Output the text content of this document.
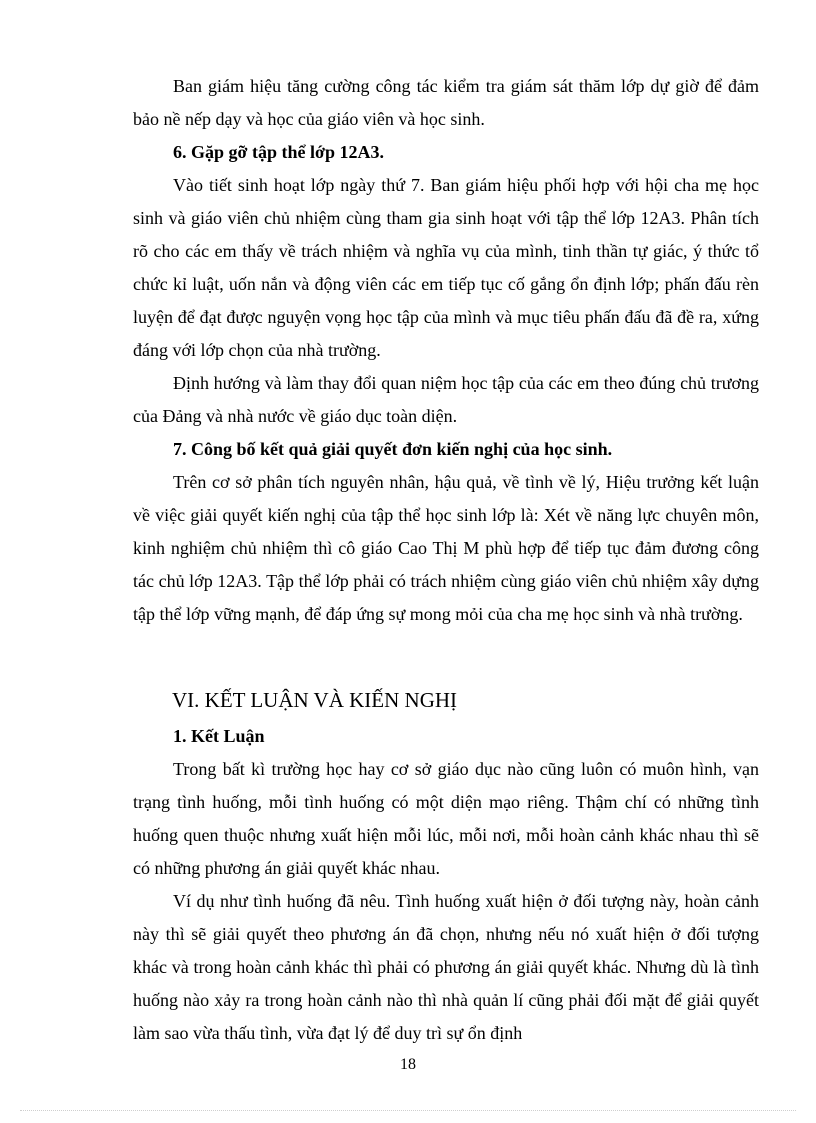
Ban giám hiệu tăng cường công tác kiểm tra giám sát thăm lớp dự giờ để đảm bảo nề nếp dạy và học của giáo viên và học sinh.

6. Gặp gỡ tập thể lớp 12A3.

Vào tiết sinh hoạt lớp ngày thứ 7. Ban giám hiệu phối hợp với hội cha mẹ học sinh và giáo viên chủ nhiệm cùng tham gia sinh hoạt với tập thể lớp 12A3. Phân tích rõ cho các em thấy về trách nhiệm và nghĩa vụ của mình, tinh thần tự giác, ý thức tổ chức kỉ luật, uốn nắn và động viên các em tiếp tục cố gắng ổn định lớp; phấn đấu rèn luyện để đạt được nguyện vọng học tập của mình và mục tiêu phấn đấu đã đề ra, xứng đáng với lớp chọn của nhà trường.

Định hướng và làm thay đổi quan niệm học tập của các em theo đúng chủ trương của Đảng và nhà nước về giáo dục toàn diện.

7. Công bố kết quả giải quyết đơn kiến nghị của học sinh.

Trên cơ sở phân tích nguyên nhân, hậu quả, về tình về lý, Hiệu trưởng kết luận về việc giải quyết kiến nghị của tập thể học sinh lớp là: Xét về năng lực chuyên môn, kinh nghiệm chủ nhiệm thì cô giáo Cao Thị M phù hợp để tiếp tục đảm đương công tác chủ lớp 12A3. Tập thể lớp phải có trách nhiệm cùng giáo viên chủ nhiệm xây dựng tập thể lớp vững mạnh, để đáp ứng sự mong mỏi của cha mẹ học sinh và nhà trường.

VI. KẾT LUẬN VÀ KIẾN NGHỊ

1. Kết Luận

Trong bất kì trường học hay cơ sở giáo dục nào cũng luôn có muôn hình, vạn trạng tình huống, mỗi tình huống có một diện mạo riêng. Thậm chí có những tình huống quen thuộc nhưng xuất hiện mỗi lúc, mỗi nơi, mỗi hoàn cảnh khác nhau thì sẽ có những phương án giải quyết khác nhau.

Ví dụ như tình huống đã nêu. Tình huống xuất hiện ở đối tượng này, hoàn cảnh này thì sẽ giải quyết theo phương án đã chọn, nhưng nếu nó xuất hiện ở đối tượng khác và trong hoàn cảnh khác thì phải có phương án giải quyết khác. Nhưng dù là tình huống nào xảy ra trong hoàn cảnh nào thì nhà quản lí cũng phải đối mặt để giải quyết làm sao vừa thấu tình, vừa đạt lý để duy trì sự ổn định

18
